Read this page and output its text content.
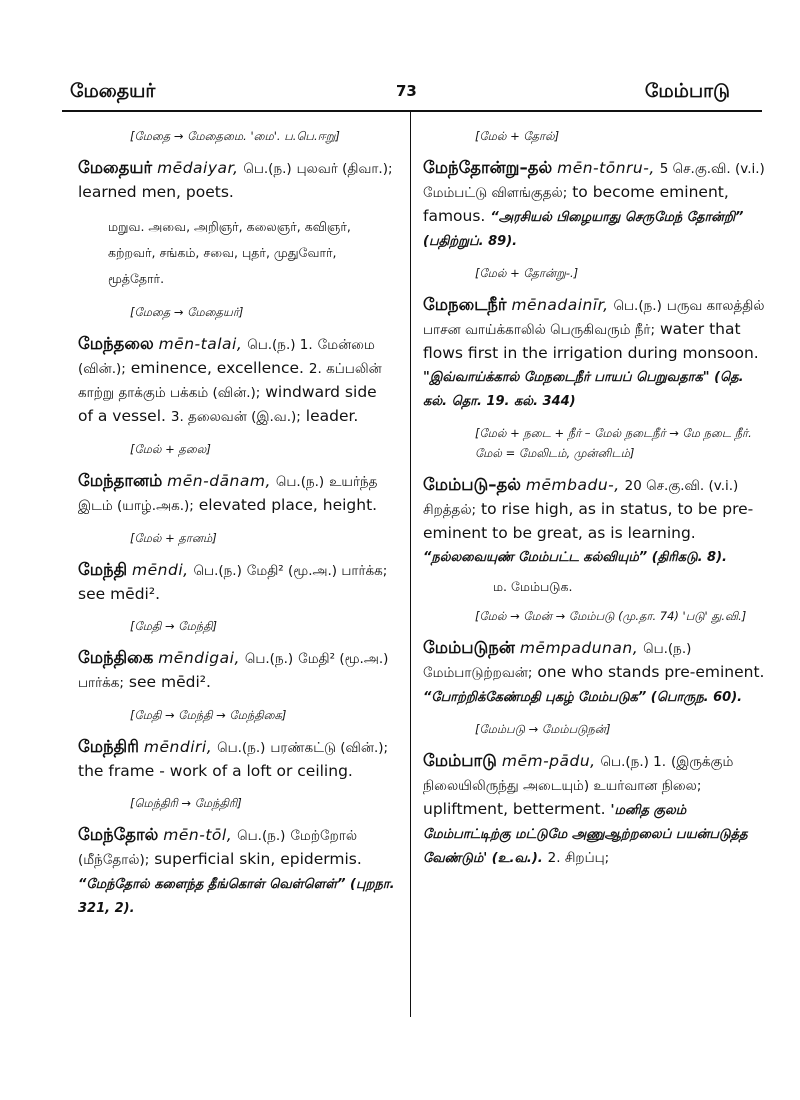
மேதையர்	73	மேம்பாடு
[மேதை → மேதைமை. 'மை'. ப.பெ.ஈறு]
மேதையர் mēdaiyar, பெ.(ந.) புலவர் (திவா.); learned men, poets.
மறுவ. அவை, அறிஞர், கலைஞர், கவிஞர், கற்றவர், சங்கம், சவை, புதர், முதுவோர், மூத்தோர்.
[மேதை → மேதையர்]
மேந்தலை mēn-talai, பெ.(ந.) 1. மேன்மை (வின்.); eminence, excellence. 2. கப்பலின் காற்று தாக்கும் பக்கம் (வின்.); windward side of a vessel. 3. தலைவன் (இ.வ.); leader.
[மேல் + தலை]
மேந்தானம் mēn-dānam, பெ.(ந.) உயர்ந்த இடம் (யாழ்.அக.); elevated place, height.
[மேல் + தானம்]
மேந்தி mēndi, பெ.(ந.) மேதி² (மூ.அ.) பார்க்க; see mēdi².
[மேதி → மேந்தி]
மேந்திகை mēndigai, பெ.(ந.) மேதி² (மூ.அ.) பார்க்க; see mēdi².
[மேதி → மேந்தி → மேந்திகை]
மேந்திரி mēndiri, பெ.(ந.) பரண்கட்டு (வின்.); the frame - work of a loft or ceiling.
[மெந்திரி → மேந்திரி]
மேந்தோல் mēn-tōl, பெ.(ந.) மேற்றோல் (மீந்தோல்); superficial skin, epidermis. “மேந்தோல் களைந்த தீங்கொள் வெள்ளெள்” (புறநா. 321, 2).
[மேல் + தோல்]
மேந்தோன்று–தல் mēn-tōnru-, 5 செ.கு.வி. (v.i.) மேம்பட்டு விளங்குதல்; to become eminent, famous. “அரசியல் பிழையாது செருமேந் தோன்றி” (பதிற்றுப். 89).
[மேல் + தோன்று-.]
மேநடைநீர் mēnadainīr, பெ.(ந.) பருவ காலத்தில் பாசன வாய்க்காலில் பெருகிவரும் நீர்; water that flows first in the irrigation during monsoon. "இவ்வாய்க்கால் மேநடைநீர் பாயப் பெறுவதாக" (தெ. கல். தொ. 19. கல். 344)
[மேல் + நடை + நீர் – மேல் நடைநீர் → மே நடை நீர். மேல் = மேலிடம், முன்னிடம்]
மேம்படு–தல் mēmbadu-, 20 செ.கு.வி. (v.i.) சிறத்தல்; to rise high, as in status, to be pre-eminent to be great, as is learning. “நல்லவையுண் மேம்பட்ட கல்வியும்” (திரிகடு. 8).
ம. மேம்படுக.
[மேல் → மேன் → மேம்படு (மு.தா. 74) 'படு' து.வி.]
மேம்படுநன் mēmpadunan, பெ.(ந.) மேம்பாடுற்றவன்; one who stands pre-eminent. “போற்றிக்கேண்மதி புகழ் மேம்படுக” (பொருந. 60).
[மேம்படு → மேம்படுநன்]
மேம்பாடு mēm-pādu, பெ.(ந.) 1. (இருக்கும் நிலையிலிருந்து அடையும்) உயர்வான நிலை; upliftment, betterment. 'மனித குலம் மேம்பாட்டிற்கு மட்டுமே அணுஆற்றலைப் பயன்படுத்த வேண்டும்' (உ.வ.). 2. சிறப்பு;
